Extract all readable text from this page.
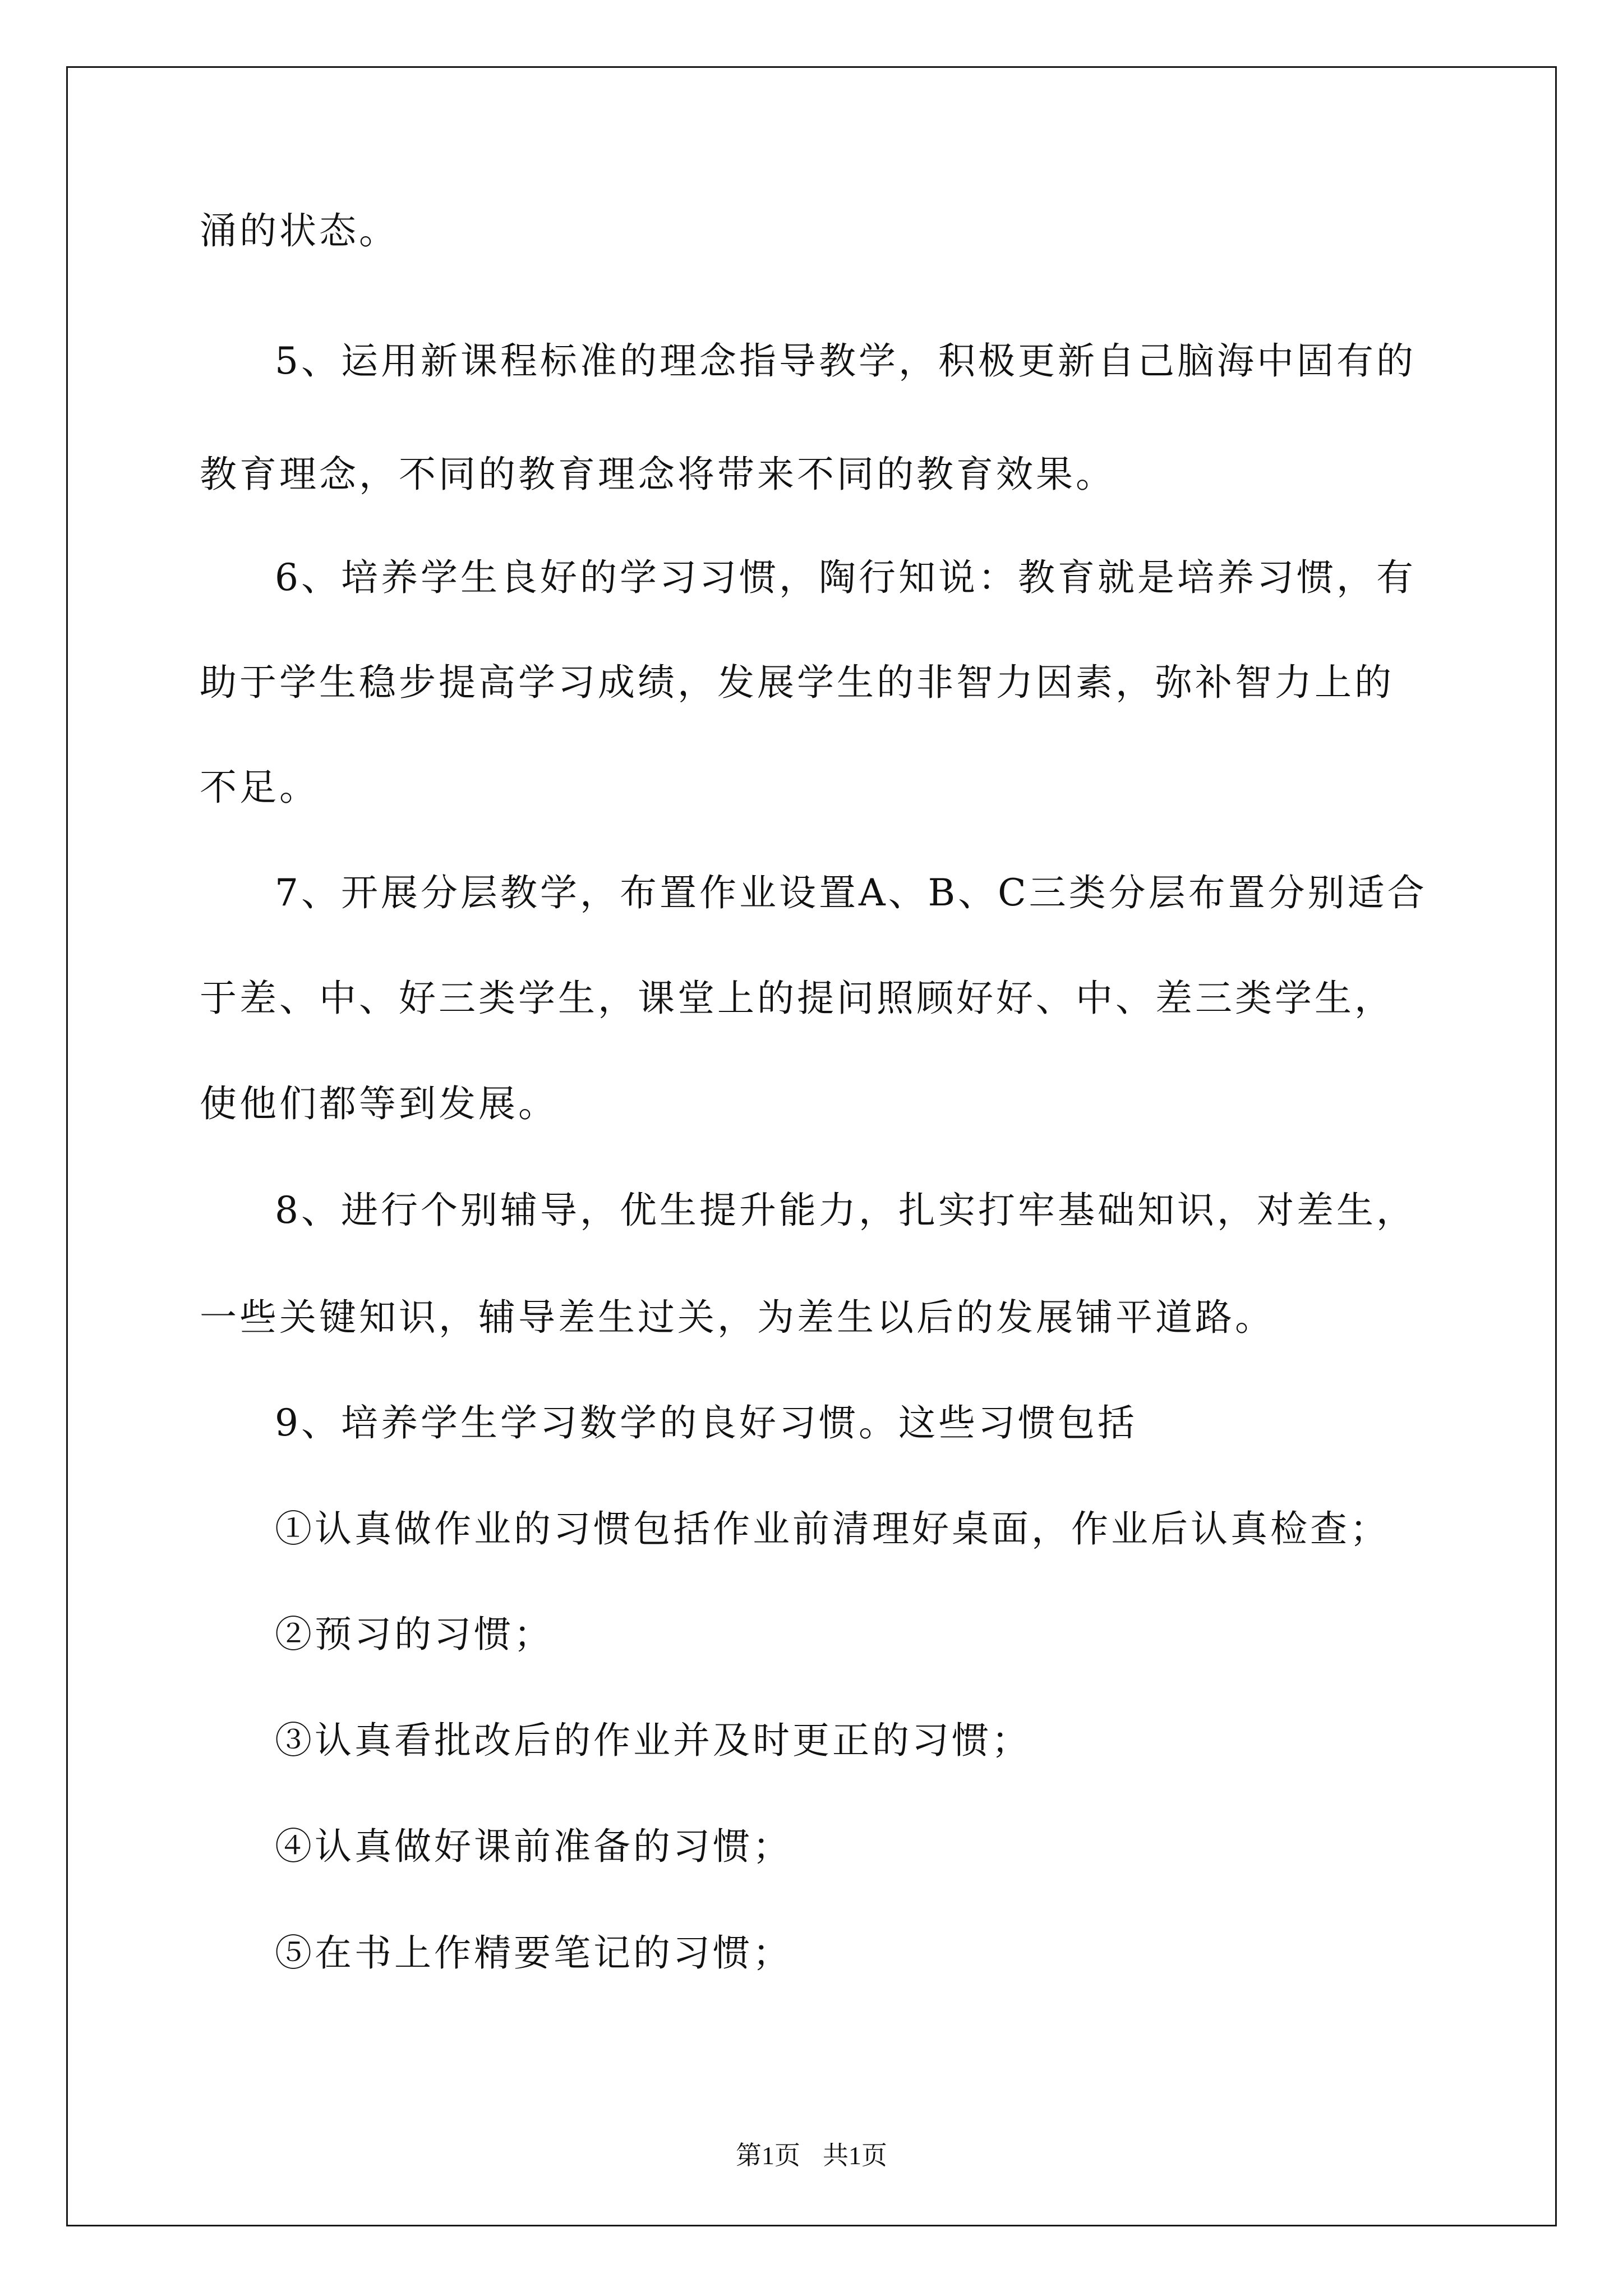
涌的状态。
5、运用新课程标准的理念指导教学，积极更新自己脑海中固有的
教育理念，不同的教育理念将带来不同的教育效果。
6、培养学生良好的学习习惯，陶行知说：教育就是培养习惯，有
助于学生稳步提高学习成绩，发展学生的非智力因素，弥补智力上的
不足。
7、开展分层教学，布置作业设置A、B、C三类分层布置分别适合
于差、中、好三类学生，课堂上的提问照顾好好、中、差三类学生，
使他们都等到发展。
8、进行个别辅导，优生提升能力，扎实打牢基础知识，对差生，
一些关键知识，辅导差生过关，为差生以后的发展铺平道路。
9、培养学生学习数学的良好习惯。这些习惯包括
①认真做作业的习惯包括作业前清理好桌面，作业后认真检查；
②预习的习惯；
③认真看批改后的作业并及时更正的习惯；
④认真做好课前准备的习惯；
⑤在书上作精要笔记的习惯；
第1页 共1页
